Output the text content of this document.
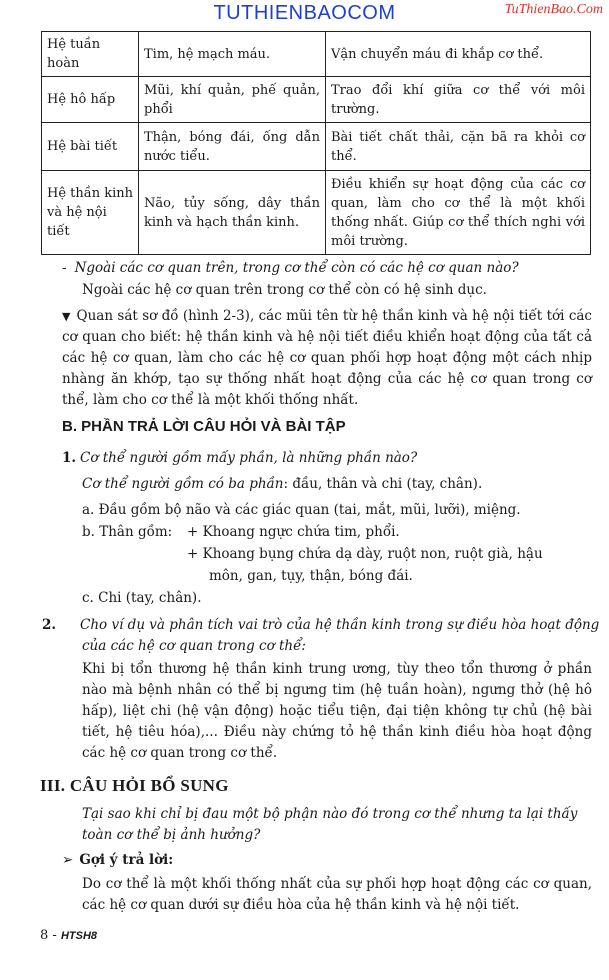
TUTHIENBAOCOM	TuThienBao.Com
Hệ tuần hoàn	Tim, hệ mạch máu.	Vận chuyển máu đi khắp cơ thể.
Hệ hô hấp	Mũi, khí quản, phế quản, phổi	Trao đổi khí giữa cơ thể với môi trường.
Hệ bài tiết	Thận, bóng đái, ống dẫn nước tiểu.	Bài tiết chất thải, cặn bã ra khỏi cơ thể.
Hệ thần kinh và hệ nội tiết	Não, tủy sống, dây thần kinh và hạch thần kinh.	Điều khiển sự hoạt động của các cơ quan, làm cho cơ thể là một khối thống nhất. Giúp cơ thể thích nghi với môi trường.
- Ngoài các cơ quan trên, trong cơ thể còn có các hệ cơ quan nào?
Ngoài các hệ cơ quan trên trong cơ thể còn có hệ sinh dục.
▼ Quan sát sơ đồ (hình 2-3), các mũi tên từ hệ thần kinh và hệ nội tiết tới các cơ quan cho biết: hệ thần kinh và hệ nội tiết điều khiển hoạt động của tất cả các hệ cơ quan, làm cho các hệ cơ quan phối hợp hoạt động một cách nhịp nhàng ăn khớp, tạo sự thống nhất hoạt động của các hệ cơ quan trong cơ thể, làm cho cơ thể là một khối thống nhất.
B. PHẦN TRẢ LỜI CÂU HỎI VÀ BÀI TẬP
1. Cơ thể người gồm mấy phần, là những phần nào?
Cơ thể người gồm có ba phần: đầu, thân và chi (tay, chân).
a. Đầu gồm bộ não và các giác quan (tai, mắt, mũi, lưỡi), miệng.
b. Thân gồm:	+ Khoang ngực chứa tim, phổi.
+ Khoang bụng chứa dạ dày, ruột non, ruột già, hậu
môn, gan, tụy, thận, bóng đái.
c. Chi (tay, chân).
2. Cho ví dụ và phân tích vai trò của hệ thần kinh trong sự điều hòa hoạt động của các hệ cơ quan trong cơ thể:
Khi bị tổn thương hệ thần kinh trung ương, tùy theo tổn thương ở phần nào mà bệnh nhân có thể bị ngưng tim (hệ tuần hoàn), ngưng thở (hệ hô hấp), liệt chi (hệ vận động) hoặc tiểu tiện, đại tiện không tự chủ (hệ bài tiết, hệ tiêu hóa),... Điều này chứng tỏ hệ thần kinh điều hòa hoạt động các hệ cơ quan trong cơ thể.
III. CÂU HỎI BỔ SUNG
Tại sao khi chỉ bị đau một bộ phận nào đó trong cơ thể nhưng ta lại thấy toàn cơ thể bị ảnh hưởng?
➢ Gợi ý trả lời:
Do cơ thể là một khối thống nhất của sự phối hợp hoạt động các cơ quan, các hệ cơ quan dưới sự điều hòa của hệ thần kinh và hệ nội tiết.
8 - HTSH8
